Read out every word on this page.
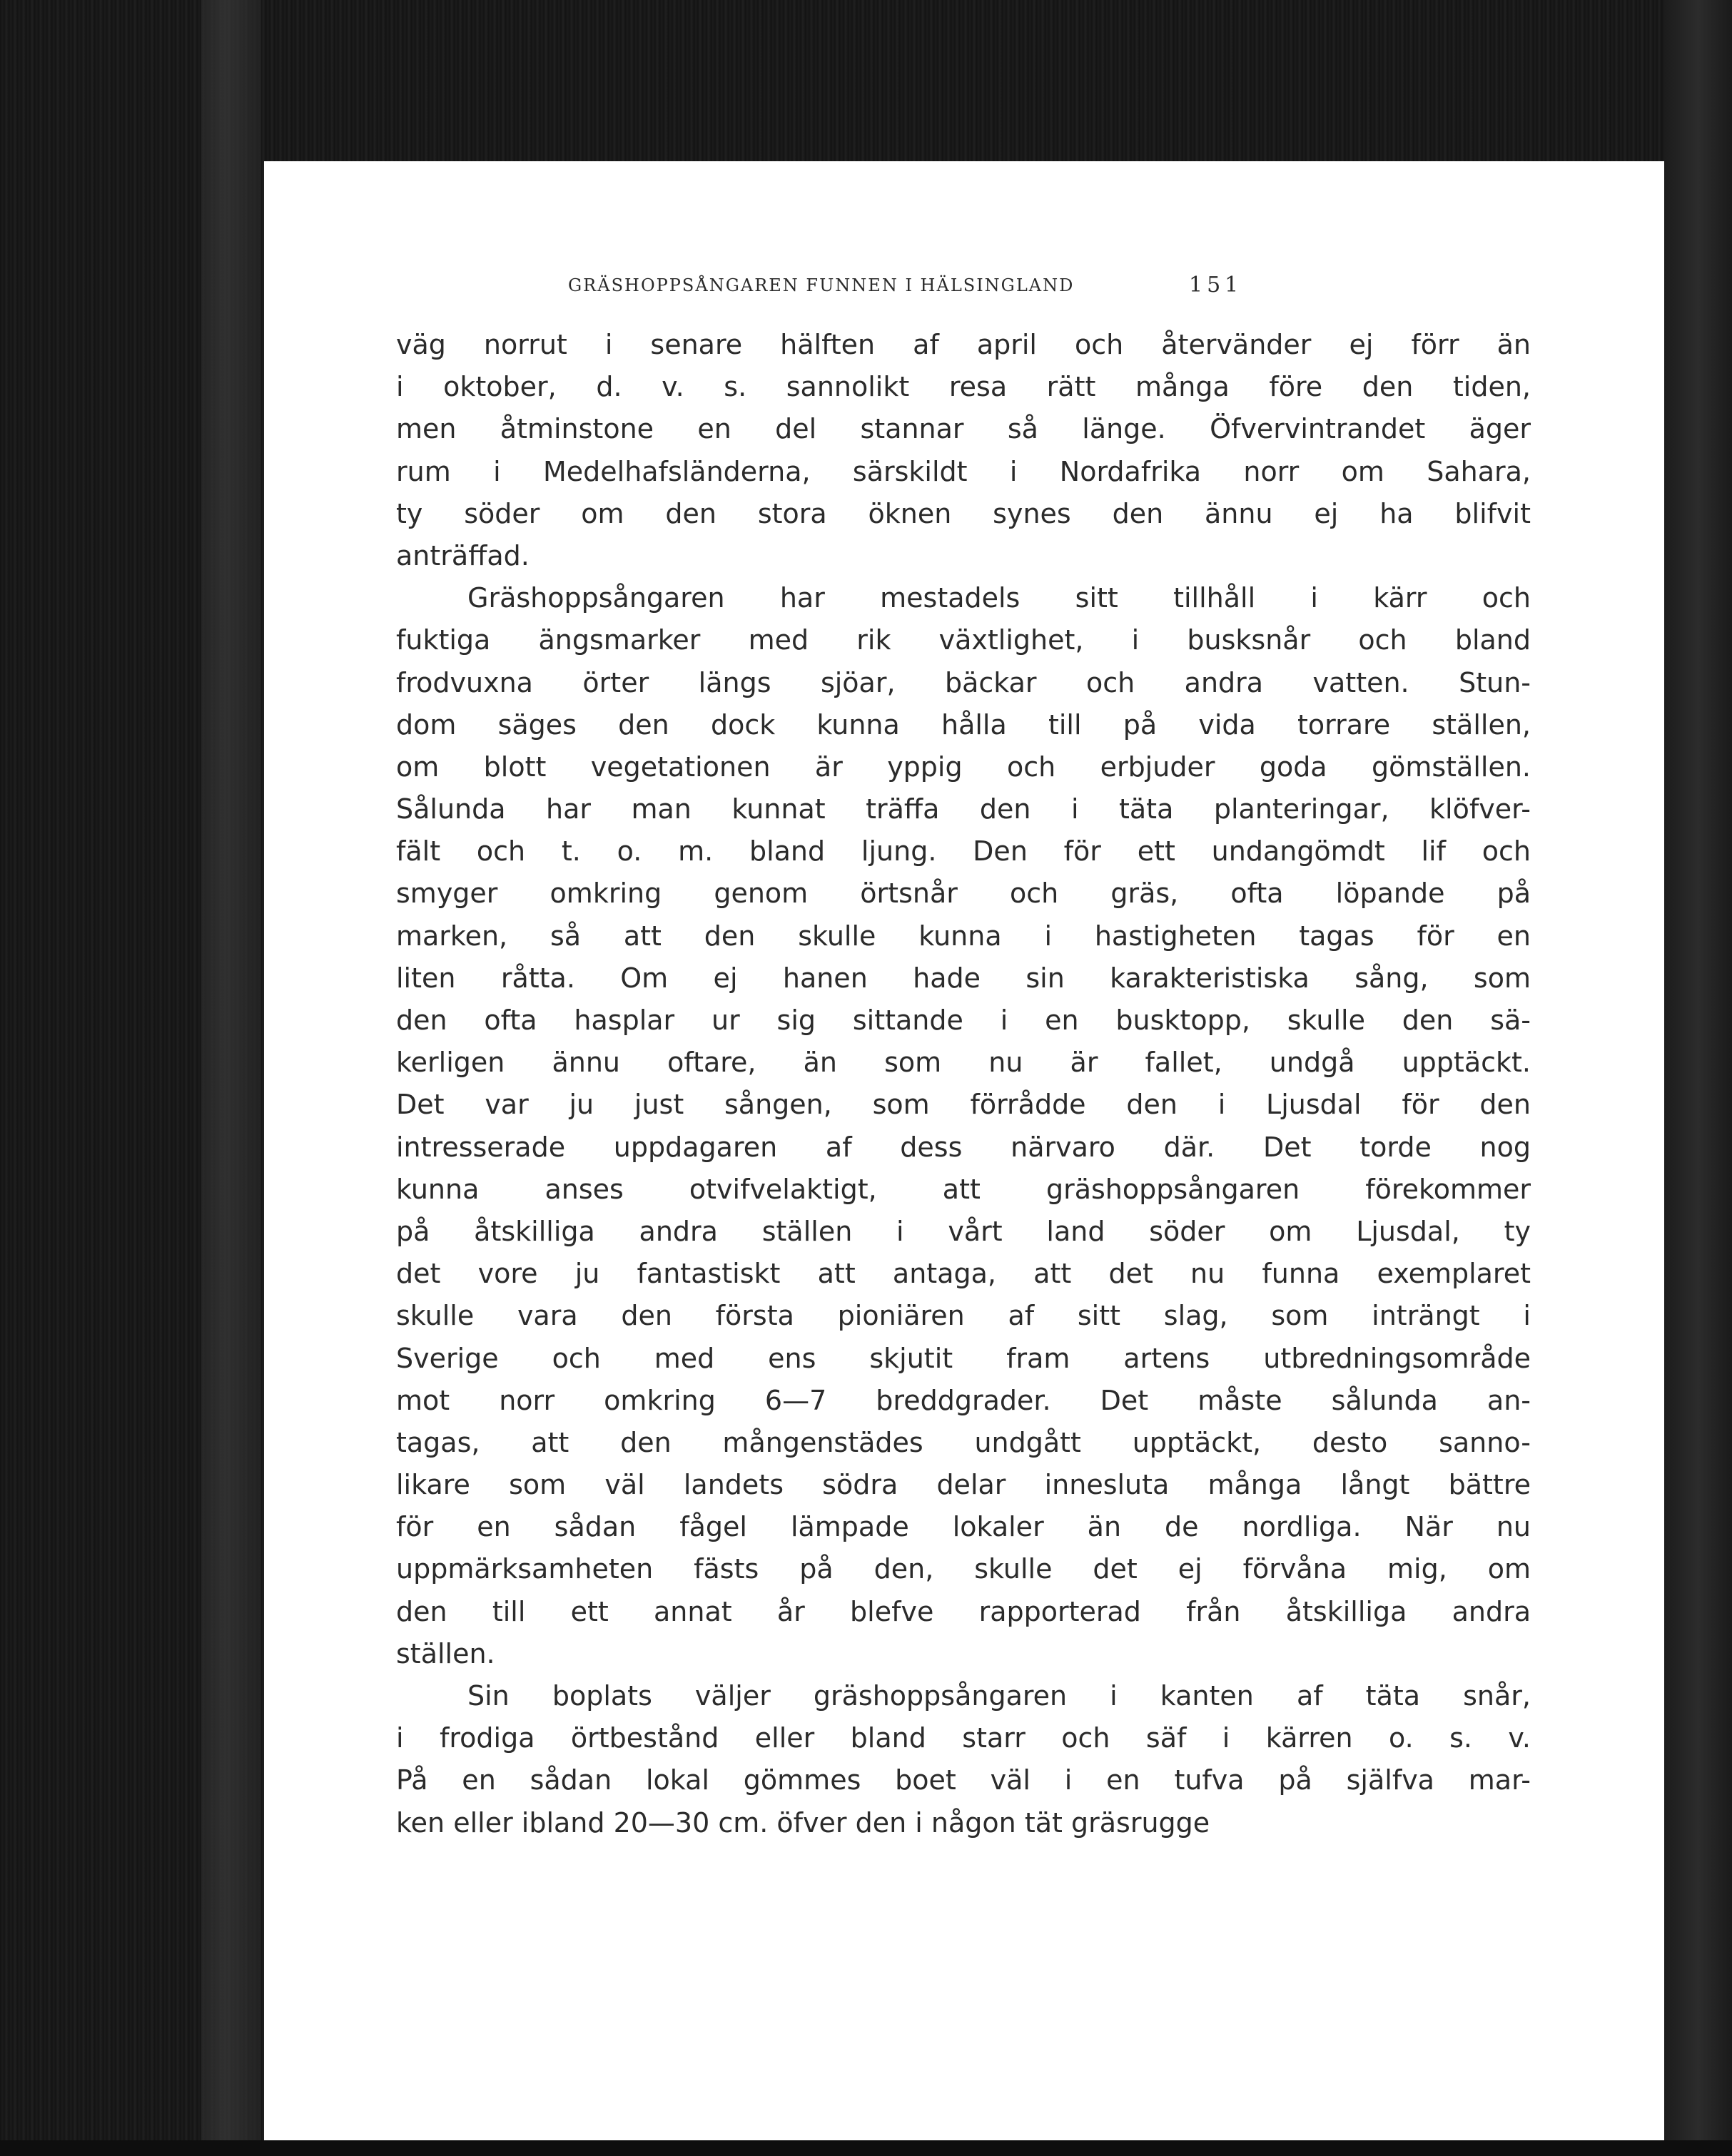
GRÄSHOPPSÅNGAREN FUNNEN I HÄLSINGLAND	151
väg norrut i senare hälften af april och återvänder ej förr än
i oktober, d. v. s. sannolikt resa rätt många före den tiden,
men åtminstone en del stannar så länge. Öfvervintrandet äger
rum i Medelhafsländerna, särskildt i Nordafrika norr om Sahara,
ty söder om den stora öknen synes den ännu ej ha blifvit
anträffad.
Gräshoppsångaren har mestadels sitt tillhåll i kärr och
fuktiga ängsmarker med rik växtlighet, i busksnår och bland
frodvuxna örter längs sjöar, bäckar och andra vatten. Stun-
dom säges den dock kunna hålla till på vida torrare ställen,
om blott vegetationen är yppig och erbjuder goda gömställen.
Sålunda har man kunnat träffa den i täta planteringar, klöfver-
fält och t. o. m. bland ljung. Den för ett undangömdt lif och
smyger omkring genom örtsnår och gräs, ofta löpande på
marken, så att den skulle kunna i hastigheten tagas för en
liten råtta. Om ej hanen hade sin karakteristiska sång, som
den ofta hasplar ur sig sittande i en busktopp, skulle den sä-
kerligen ännu oftare, än som nu är fallet, undgå upptäckt.
Det var ju just sången, som förrådde den i Ljusdal för den
intresserade uppdagaren af dess närvaro där. Det torde nog
kunna anses otvifvelaktigt, att gräshoppsångaren förekommer
på åtskilliga andra ställen i vårt land söder om Ljusdal, ty
det vore ju fantastiskt att antaga, att det nu funna exemplaret
skulle vara den första pioniären af sitt slag, som inträngt i
Sverige och med ens skjutit fram artens utbredningsområde
mot norr omkring 6—7 breddgrader. Det måste sålunda an-
tagas, att den mångenstädes undgått upptäckt, desto sanno-
likare som väl landets södra delar innesluta många långt bättre
för en sådan fågel lämpade lokaler än de nordliga. När nu
uppmärksamheten fästs på den, skulle det ej förvåna mig, om
den till ett annat år blefve rapporterad från åtskilliga andra
ställen.
Sin boplats väljer gräshoppsångaren i kanten af täta snår,
i frodiga örtbestånd eller bland starr och säf i kärren o. s. v.
På en sådan lokal gömmes boet väl i en tufva på själfva mar-
ken eller ibland 20—30 cm. öfver den i någon tät gräsrugge
